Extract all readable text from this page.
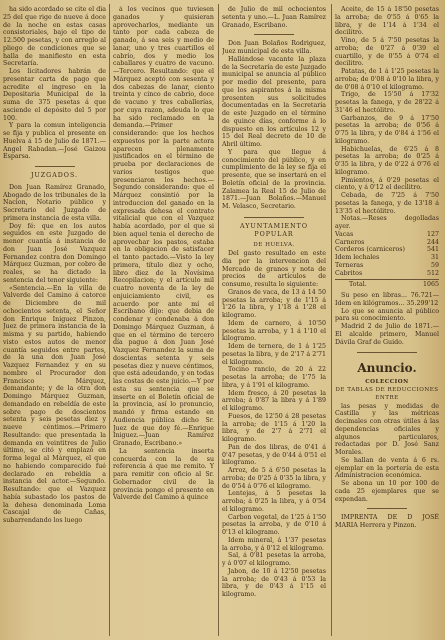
ha sido acordado se cite el dia 25 del que rige de nueve á doce de la noche en estas casas consistoriales, bajo el tipo de 12.500 pesetas, y con arreglo al pliego de condiciones que se halla de manifiesto en esta Secretaría.

Los licitadores habrán de presentar carta de pago que acredite el ingreso en la Depositaria Municipal de la suma de 375 pesetas á que asciende el depósito del 5 por 100.

Y para la comun inteligencia se fija y publica el presente en Huelva á 15 de Julio de 1871.—Angel Rabadan.—José Gaizou Esparsa.

JUZGADOS.

Don Juan Ramírez Granado, Abogado de los tribunales de la Nacion, Notario público y Secretario del Juzgado de primera instancia de esta villa.

Doy fé: que en los autos seguidos en este Juzgado de menor cuantía á instancia de don Juan José Vazquez Fernandez contra don Domingo Márquez Guzman, por cobro de reales, se ha dictado la sentencia del tenor siguiente:

«Sentencia.—En la villa de Valverde del Camino á catorce de Diciembre de mil ochocientos setenta, el Señor don Enrique Iniguez Pinzon, Juez de primera instancia de la misma y su partido, habiendo visto estos autos de menor cuantía seguidos entre partes, de la una don Juan José Vazquez Fernandez y en su nombre el Procurador don Francisco Márquez, demandante; y de la otra don Domingo Márquez Guzman, demandado en rebeldía de este sobre pago de doscientos setenta y seis pesetas diez y nueve céntimos.—Primero Resultando: que presentada la demanda en veintitres de Julio último, se citó y emplazó en forma legal al Márquez, el que no habiendo comparecido fué declarado en rebeldía a instancia del actor.—Segundo. Resultando: que el Vazquez había subastado los pastos de la dehesa denominada Loma Cascajal de Cañas, subarrendando los luego

á los vecinos que tuviesen ganados y quisieran aprovecharlos, mediante un tanto por cada cabeza de ganado, á sea seis y medio de lanar, uno y tres cuartillos el cabrío, dos y medio los caballares y cuatro de vacuno.—Tercero. Resultando: que el Márquez aceptó con sesenta y dos cabezas de lanar, ciento treinta y cinco de cabrío, doce de vacuno y tres caballerías, por cuya razon, adeuda lo que ha sido reclamado en la demanda.—Primer considerando: que los hechos expuestos por la parte actora aparecen plenamente justificados en el término de prueba por declaraciones de varios testigos que presenciaron los hechos.—Segundo considerando: que el Márquez consintió por la introduccion del ganado en la expresada dehesa el contrato vitalicial que con el Vazquez había acordado, por el que si bien aquel tenia el derecho de aprovechar los pastos, estaba en la obligacion de satisfacer el tanto pactado.—Visto la ley primera, título diez y ocho, libro diez de la Novísima Recopilacion; y el artículo mil cuatro noventa de la ley de enjuiciamiento civil, es acuerdo por ante mí el Escribano dijo: que debia de condenar y condenaba á don Domingo Márquez Guzman, á que en el término de tercero día pague á don Juan José Vazquez Fernandez la suma de doscientas setenta y seis pesetas diez y nueve céntimos, que está adeudando, y en todas las costas de este juicio.—Y por esta su sentencia que se inserte en el Boletín oficial de la provincia, así lo pronuncio, mandó y firma estando en Audiencia pública dicho Sr. Juez de que doy fé.—Enrique Iniguez.—Juan Ramírez Granado, Escribano.»

La sentencia inserta concuerda con la de su referencia á que me remito. Y para remitir con oficio al Sr. Gobernador civil de la provincia pongo el presente en Valverde del Camino á quince

de Julio de mil ochocientos setenta y uno.—L. Juan Ramírez Granado, Escribano.

Don Juan Bolaños Rodriguez, Juez municipal de esta villa.

Hallándose vacante la plaza de la Secretaría de este Juzgado municipal se anuncia al público por medio del presente, para que los aspirantes á la misma presenten sus solicitudes documentadas en la Secretaría de este Juzgado en el término de quince días, conforme á lo dispuesto en los artículos 12 y 15 del Real decreto de 10 de Abril último.

Y para que llegue á conocimiento del público, y en cumplimiento de la ley se fija el presente, que se insertará en el Boletín oficial de la provincia. Zalamea la Real 15 de Julio de 1871.—Juan Bolaños.—Manuel M. Velasco, Secretario.

AYUNTAMIENTO POPULAR

DE HUELVA.

Del gasto resultado en este dia por la intervencion del Mercado de granos y nota de precios de artículos de consumo, resulta lo siguiente:

Granos de vaca, de 13 á 14 50 pesetas la arroba; y de 1'15 á 1'26 la libra, y 1'18 á 1'28 el kilogramo.

Idem de carnero, á 10'50 pesetas la arroba, y 1 á 1'10 el kilogramo.

Idem de ternera, de 1 á 1'25 pesetas la libra, y de 2'17 á 2'71 el kilogramo.

Tocino rancio, de 20 á 22 pesetas la arroba; de 1'75 la libra, y á 1'91 el kilogramo.

Idem fresco, á 20 pesetas la arroba; á 0'87 la libra y á 1'89 el kilogramo.

Fuesos, de 12'50 á 28 pesetas la arroba; de 1'15 á 1'20 la libra, y de 2'7 á 2'71 el kilogramo.

Pan de dos libras, de 0'41 á 0'47 pesetas, y de 0'44 á 0'51 el kilogramo.

Arroz, de 5 á 6'50 pesetas la arroba; de 0'25 á 0'35 la libra, y de 0'54 á 0'76 el kilogramo.

Lentejas, á 5 pesetas la arroba; á 0'25 la libra, y á 0'54 el kilogramo.

Carbon vegetal, de 1'25 á 1'50 pesetas la arroba, y de 0'10 á 0'13 el kilogramo.

Idem mineral, á 1'37 pesetas la arroba, y á 0'12 el kilogramo.

Sal, á 0'81 pesetas la arroba, y á 0'07 el kilogramo.

Jabon, de 10 á 12'50 pesetas la arroba; de 0'43 á 0'53 la libra, y de 0'43 á 1'15 el kilogramo.

Aceite, de 15 á 18'50 pesetas la arroba; de 0'55 á 0'65 la libra, y de 1'14 á 1'34 el decilitro.

Vino, de 5 á 7'50 pesetas la arroba; de 0'27 á 0'39 el cuartillo, y de 0'55 á 0'74 el decilitro.

Patatas, de 1 á 1'25 pesetas la arroba; de 0'08 á 0'10 la libra, y de 0'08 á 0'10 el kilogramo.

Trigo, de 15'50 á 17'32 pesetas la fanega, y de 28'22 á 31'46 el hectólitro.

Garbanzos, de 9 á 17'50 pesetas la arroba; de 0'56 á 0'75 la libra, y de 0'84 á 1'56 el kilogramo.

Habichuelas, de 6'25 á 8 pesetas la arroba; de 0'25 á 0'35 la libra, y de 0'22 á 0'76 el kilogramo.

Pimientos, á 0'29 pesetas el ciento, y á 0'12 el decilitro.

Cebada, de 7'25 á 7'50 pesetas la fanega, y de 13'18 á 13'35 el hectólitro.

Notas.—Reses degolladas ayer.

Vacas	127
Carneros	244
Corderos (carniceros)	541
Idem lechales	31
Terneras	59
Cabritos	512
Total.	1065

Su peso en libras... 76.721— Idem en kilógramos... 35.299'12

Lo que se anuncia al público para su conocimiento.

Madrid 2 de Julio de 1871.—El alcalde primero, Manuel Dávila Graf de Guido.

Anuncio.

COLECCION

DE TABLAS DE REDUCCIONES

ENTRE

las pesas y medidas de Castilla y las métricas decimales con otras útiles á las dependencias oficiales y algunos particulares, redactadas por D. José Sanz Morales.

Se hallan de venta á 6 rs. ejemplar en la portería de esta Administracion económica.

Se abona un 10 por 100 de cada 25 ejemplares que se expendan.

IMPRENTA DE D JOSÉ MARIA Herrera y Pinzon.
